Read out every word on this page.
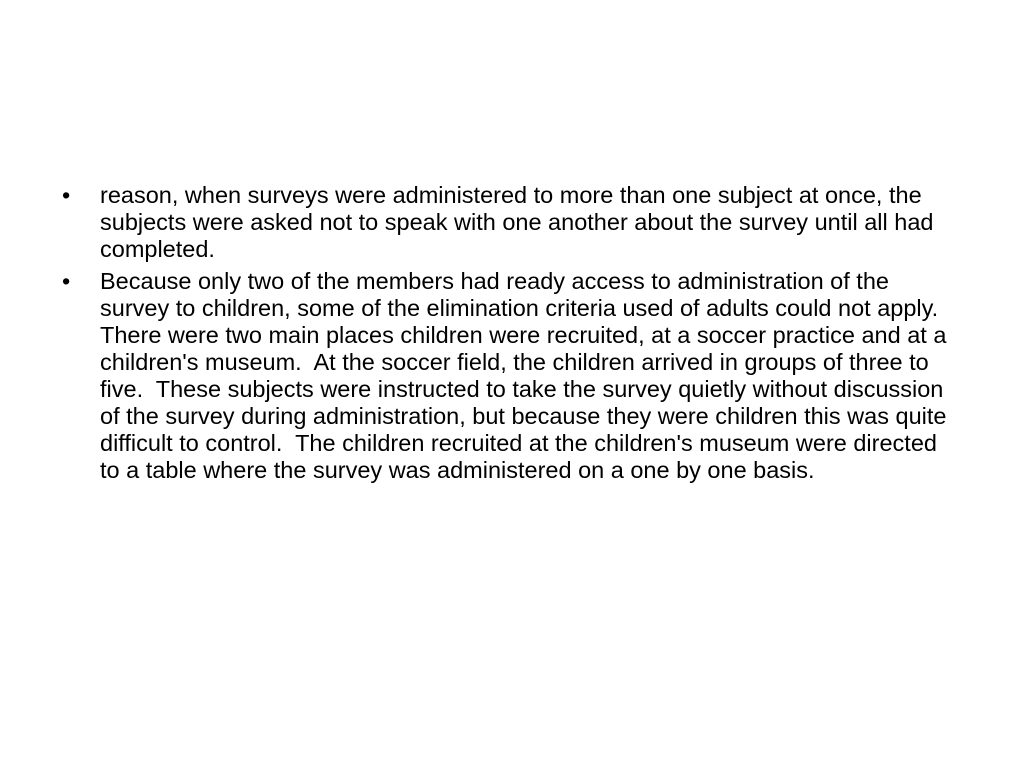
•	reason, when surveys were administered to more than one subject at once, the subjects were asked not to speak with one another about the survey until all had completed.
•	Because only two of the members had ready access to administration of the survey to children, some of the elimination criteria used of adults could not apply.  There were two main places children were recruited, at a soccer practice and at a children's museum.  At the soccer field, the children arrived in groups of three to five.  These subjects were instructed to take the survey quietly without discussion of the survey during administration, but because they were children this was quite difficult to control.  The children recruited at the children's museum were directed to a table where the survey was administered on a one by one basis.
